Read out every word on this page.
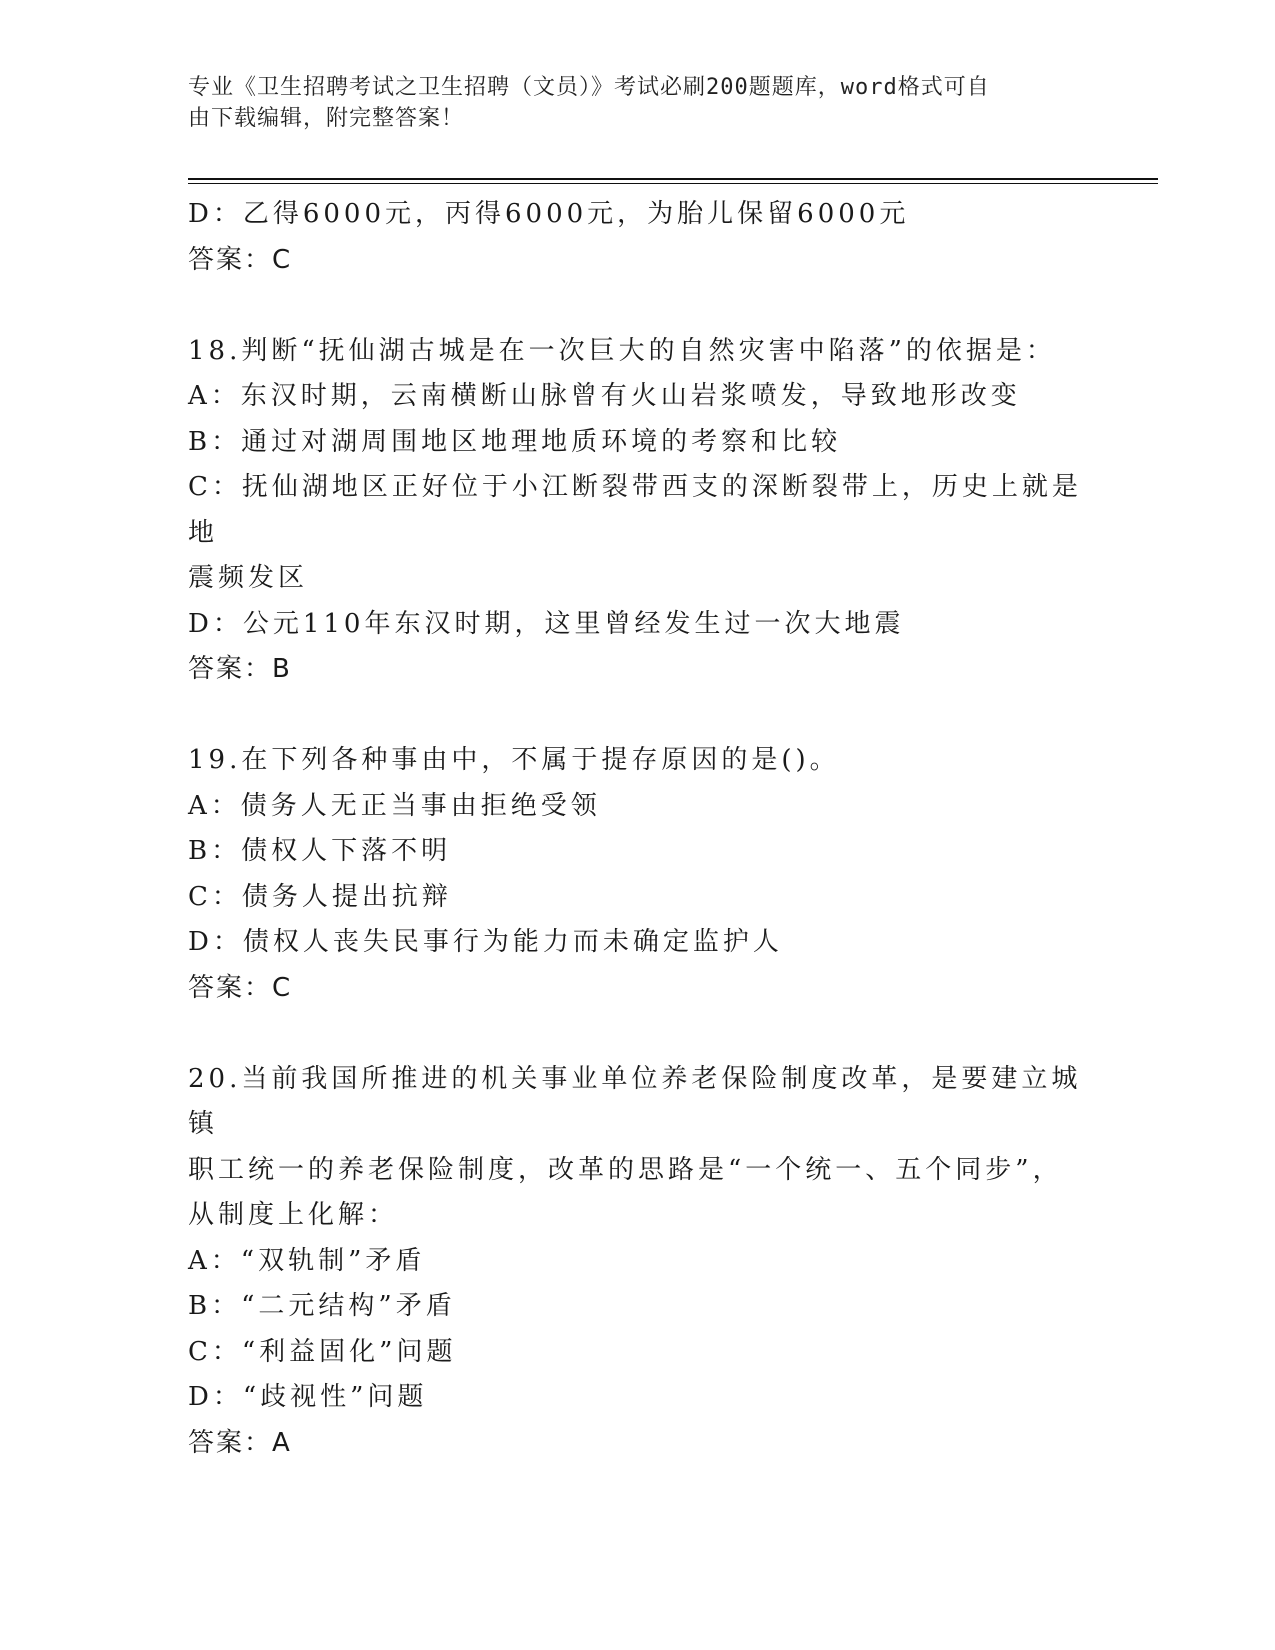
专业《卫生招聘考试之卫生招聘（文员）》考试必刷200题题库，word格式可自
由下载编辑，附完整答案！
D：乙得6000元，丙得6000元，为胎儿保留6000元
答案：C
18.判断“抚仙湖古城是在一次巨大的自然灾害中陷落”的依据是：
A：东汉时期，云南横断山脉曾有火山岩浆喷发，导致地形改变
B：通过对湖周围地区地理地质环境的考察和比较
C：抚仙湖地区正好位于小江断裂带西支的深断裂带上，历史上就是地
震频发区
D：公元110年东汉时期，这里曾经发生过一次大地震
答案：B
19.在下列各种事由中，不属于提存原因的是()。
A：债务人无正当事由拒绝受领
B：债权人下落不明
C：债务人提出抗辩
D：债权人丧失民事行为能力而未确定监护人
答案：C
20.当前我国所推进的机关事业单位养老保险制度改革，是要建立城镇
职工统一的养老保险制度，改革的思路是“一个统一、五个同步”，
从制度上化解：
A：“双轨制”矛盾
B：“二元结构”矛盾
C：“利益固化”问题
D：“歧视性”问题
答案：A
